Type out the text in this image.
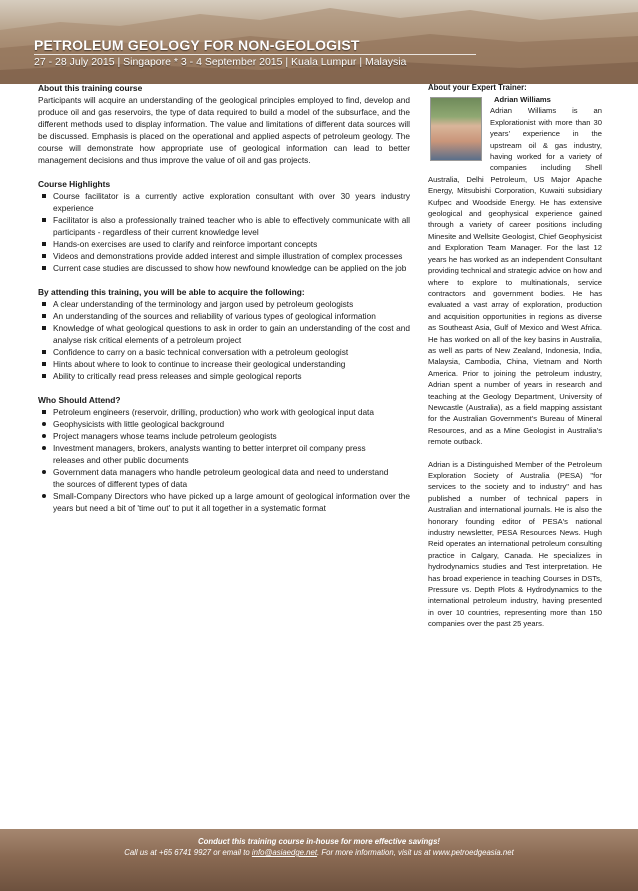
PETROLEUM GEOLOGY FOR NON-GEOLOGIST
27 - 28 July 2015 | Singapore * 3 - 4 September 2015 | Kuala Lumpur | Malaysia
About this training course

Participants will acquire an understanding of the geological principles employed to find, develop and produce oil and gas reservoirs, the type of data required to build a model of the subsurface, and the different methods used to display information. The value and limitations of different data sources will be discussed. Emphasis is placed on the operational and applied aspects of petroleum geology. The course will demonstrate how appropriate use of geological information can lead to better management decisions and thus improve the value of oil and gas projects.

Course Highlights
Course facilitator is a currently active exploration consultant with over 30 years industry experience
Facilitator is also a professionally trained teacher who is able to effectively communicate with all participants - regardless of their current knowledge level
Hands-on exercises are used to clarify and reinforce important concepts
Videos and demonstrations provide added interest and simple illustration of complex processes
Current case studies are discussed to show how newfound knowledge can be applied on the job
By attending this training, you will be able to acquire the following:
A clear understanding of the terminology and jargon used by petroleum geologists
An understanding of the sources and reliability of various types of geological information
Knowledge of what geological questions to ask in order to gain an understanding of the cost and analyse risk critical elements of a petroleum project
Confidence to carry on a basic technical conversation with a petroleum geologist
Hints about where to look to continue to increase their geological understanding
Ability to critically read press releases and simple geological reports
Who Should Attend?
Petroleum engineers (reservoir, drilling, production) who work with geological input data
Geophysicists with little geological background
Project managers whose teams include petroleum geologists
Investment managers, brokers, analysts wanting to better interpret oil company press

releases and other public documents

Government data managers who handle petroleum geological data and need to understand

the sources of different types of data

Small-Company Directors who have picked up a large amount of geological information over the years but need a bit of 'time out' to put it all together in a systematic format
About your Expert Trainer:
Adrian Williams

Adrian Williams is an Explorationist with more than 30 years' experience in the upstream oil & gas industry, having worked for a variety of companies including Shell Australia, Delhi Petroleum, US Major Apache Energy, Mitsubishi Corporation, Kuwaiti subsidiary Kufpec and Woodside Energy. He has extensive geological and geophysical experience gained through a variety of career positions including Minesite and Wellsite Geologist, Chief Geophysicist and Exploration Team Manager. For the last 12 years he has worked as an independent Consultant providing technical and strategic advice on how and where to explore to multinationals, service contractors and government bodies. He has evaluated a vast array of exploration, production and acquisition opportunities in regions as diverse as Southeast Asia, Gulf of Mexico and West Africa. He has worked on all of the key basins in Australia, as well as parts of New Zealand, Indonesia, India, Malaysia, Cambodia, China, Vietnam and North America. Prior to joining the petroleum industry, Adrian spent a number of years in research and teaching at the Geology Department, University of Newcastle (Australia), as a field mapping assistant for the Australian Government's Bureau of Mineral Resources, and as a Mine Geologist in Australia's remote outback.

Adrian is a Distinguished Member of the Petroleum Exploration Society of Australia (PESA) "for services to the society and to industry" and has published a number of technical papers in Australian and international journals. He is also the honorary founding editor of PESA's national industry newsletter, PESA Resources News. Hugh Reid operates an international petroleum consulting practice in Calgary, Canada. He specializes in hydrodynamics studies and Test interpretation. He has broad experience in teaching Courses in DSTs, Pressure vs. Depth Plots & Hydrodynamics to the international petroleum industry, having presented in over 10 countries, representing more than 150 companies over the past 25 years.

Conduct this training course in-house for more effective savings!
Call us at +65 6741 9927 or email to info@asiaedge.net. For more information, visit us at www.petroedgeasia.net
